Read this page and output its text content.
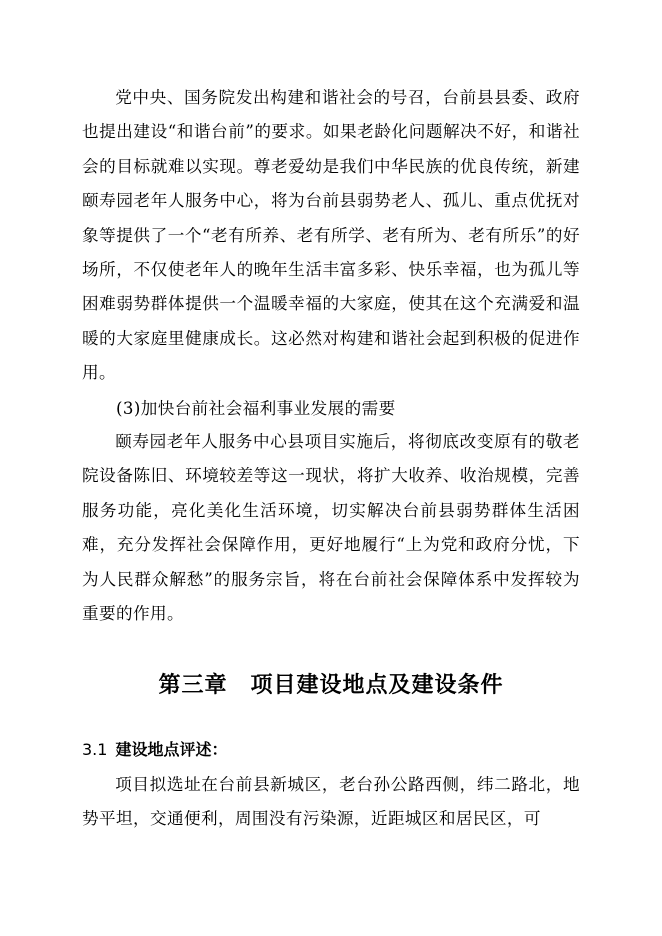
党中央、国务院发出构建和谐社会的号召，台前县县委、政府也提出建设“和谐台前”的要求。如果老龄化问题解决不好，和谐社会的目标就难以实现。尊老爱幼是我们中华民族的优良传统，新建颐寿园老年人服务中心，将为台前县弱势老人、孤儿、重点优抚对象等提供了一个“老有所养、老有所学、老有所为、老有所乐”的好场所，不仅使老年人的晚年生活丰富多彩、快乐幸福，也为孤儿等困难弱势群体提供一个温暖幸福的大家庭，使其在这个充满爱和温暖的大家庭里健康成长。这必然对构建和谐社会起到积极的促进作用。

(3)加快台前社会福利事业发展的需要

颐寿园老年人服务中心县项目实施后，将彻底改变原有的敬老院设备陈旧、环境较差等这一现状，将扩大收养、收治规模，完善服务功能，亮化美化生活环境，切实解决台前县弱势群体生活困难，充分发挥社会保障作用，更好地履行“上为党和政府分忧，下为人民群众解愁”的服务宗旨，将在台前社会保障体系中发挥较为重要的作用。

第三章　项目建设地点及建设条件
3.1 建设地点评述：

项目拟选址在台前县新城区，老台孙公路西侧，纬二路北，地势平坦，交通便利，周围没有污染源，近距城区和居民区，可
